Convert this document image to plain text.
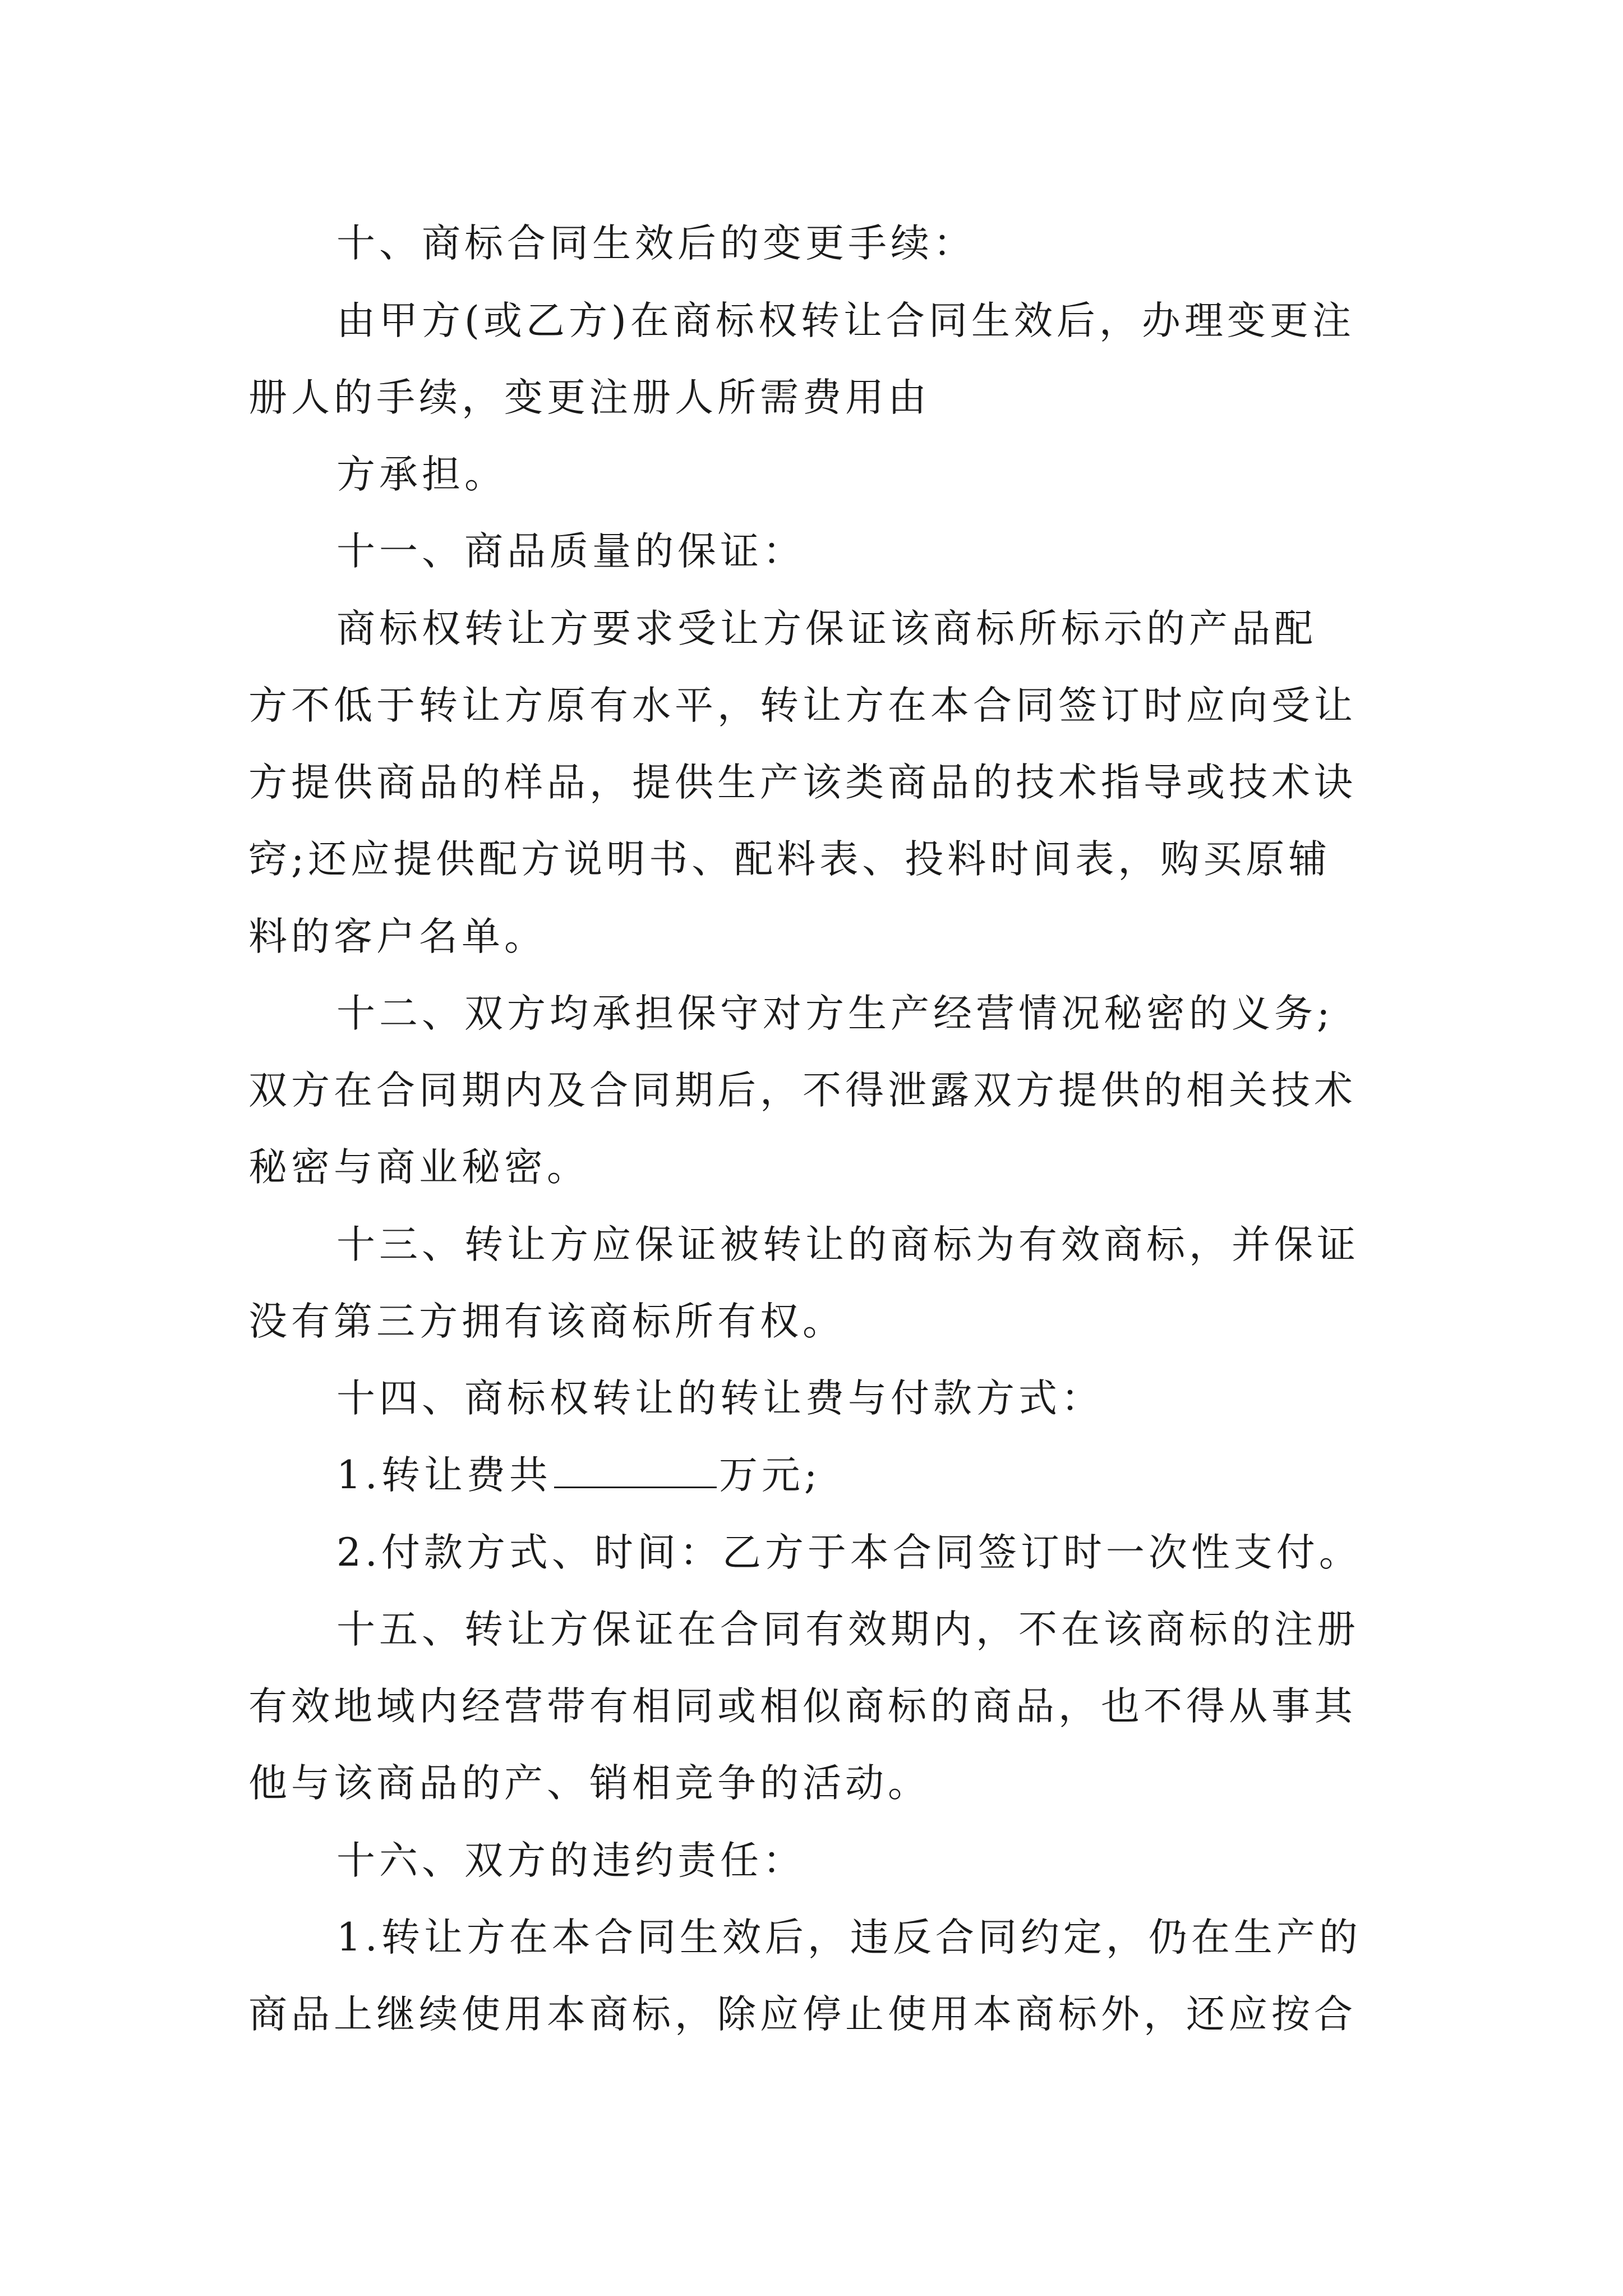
十、商标合同生效后的变更手续：
由甲方(或乙方)在商标权转让合同生效后，办理变更注
册人的手续，变更注册人所需费用由
方承担。
十一、商品质量的保证：
商标权转让方要求受让方保证该商标所标示的产品配
方不低于转让方原有水平，转让方在本合同签订时应向受让
方提供商品的样品，提供生产该类商品的技术指导或技术诀
窍;还应提供配方说明书、配料表、投料时间表，购买原辅
料的客户名单。
十二、双方均承担保守对方生产经营情况秘密的义务;
双方在合同期内及合同期后，不得泄露双方提供的相关技术
秘密与商业秘密。
十三、转让方应保证被转让的商标为有效商标，并保证
没有第三方拥有该商标所有权。
十四、商标权转让的转让费与付款方式：
1.转让费共	万元;
2.付款方式、时间：乙方于本合同签订时一次性支付。
十五、转让方保证在合同有效期内，不在该商标的注册
有效地域内经营带有相同或相似商标的商品，也不得从事其
他与该商品的产、销相竞争的活动。
十六、双方的违约责任：
1.转让方在本合同生效后，违反合同约定，仍在生产的
商品上继续使用本商标，除应停止使用本商标外，还应按合
